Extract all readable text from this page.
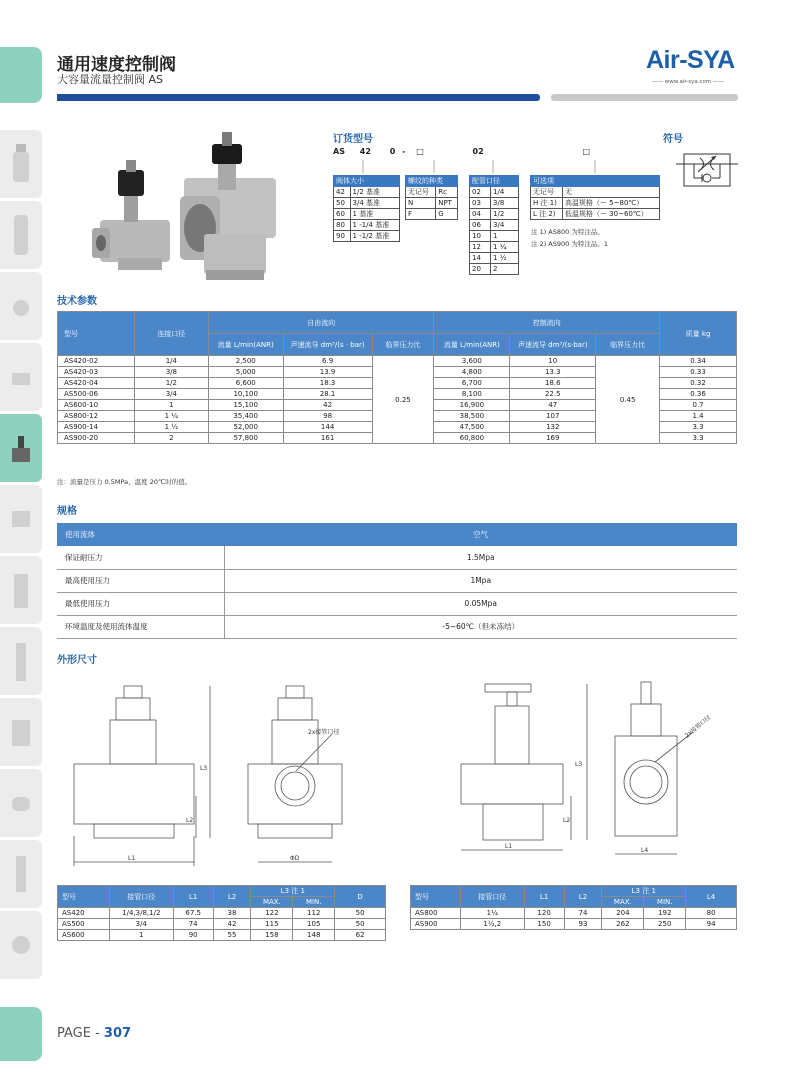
通用速度控制阀
大容量流量控制阀 AS
Air-SYA
—— www.air-sya.com ——
订货型号
AS 42 0 - □	02	□
阀体大小	
42	1/2 基准
50	3/4 基准
60	1 基准
80	1 -1/4 基准
90	1 -1/2 基准
螺纹的种类	
无记号	Rc
N	NPT
F	G
配管口径	
02	1/4
03	3/8
04	1/2
06	3/4
10	1
12	1 ¼
14	1 ½
20	2
可选项	
无记号	无
H 注 1)	高温规格（ー 5~80℃）
L 注 2)	低温规格（ー 30~60℃）
注 1) AS800 为特注品。
注 2) AS900 为特注品。1
符号
技术参数
型号	连接口径	自由流向			控制流向			质量 kg
		流量 L/min(ANR)	声速流导 dm³/(s · bar)	临界压力比	流量 L/min(ANR)	声速流导 dm³/(s·bar)	临界压力比	
AS420-02	1/4	2,500	6.9	0.25	3,600	10	0.45	0.34
AS420-03	3/8	5,000	13.9		4,800	13.3		0.33
AS420-04	1/2	6,600	18.3		6,700	18.6		0.32
AS500-06	3/4	10,100	28.1		8,100	22.5		0.36
AS600-10	1	15,100	42		16,900	47		0.7
AS800-12	1 ¼	35,400	98		38,500	107		1.4
AS900-14	1 ½	52,000	144		47,500	132		3.3
AS900-20	2	57,800	161		60,800	169		3.3
注：流量是压力 0.5MPa、温度 20℃时的值。
规格
使用流体	空气
保证耐压力	1.5Mpa
最高使用压力	1Mpa
最低使用压力	0.05Mpa
环境温度及使用流体温度	-5~60℃（但未冻结）
外形尺寸
2x接管口径
L1	ΦD
L2
L3
2x接管口径
L1
L4
L2
L3
型号	接管口径	L1	L2	L3 注 1		D
				MAX.	MIN.	
AS420	1/4,3/8,1/2	67.5	38	122	112	50
AS500	3/4	74	42	115	105	50
AS600	1	90	55	158	148	62
型号	接管口径	L1	L2	L3 注 1		L4
				MAX.	MIN.	
AS800	1¼	120	74	204	192	80
AS900	1½,2	150	93	262	250	94
PAGE - 307
